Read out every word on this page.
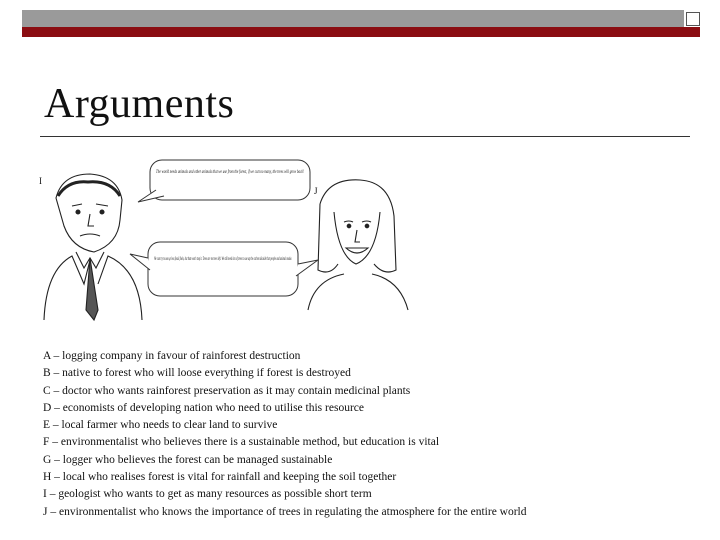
Arguments
The world needs animals and other animals that we use from the forest, if we cut too many, the trees will grow back!
We can try to use up less fossil fuels, but that won't stop it. Trees are no trees left. We still need lots of trees to use up the carbon dioxide that people and animals make.
I
J
A – logging company in favour of rainforest destruction
B – native to forest who will loose everything if forest is destroyed
C – doctor who wants rainforest preservation as it may contain medicinal plants
D – economists of developing nation who need to utilise this resource
E – local farmer who needs to clear land to survive
F – environmentalist who believes there is a sustainable method, but education is vital
G – logger who believes the forest can be managed sustainable
H – local who realises forest is vital for rainfall and keeping the soil together
I – geologist who wants to get as many resources as possible short term
J – environmentalist who knows the importance of trees in regulating the atmosphere for the entire world
